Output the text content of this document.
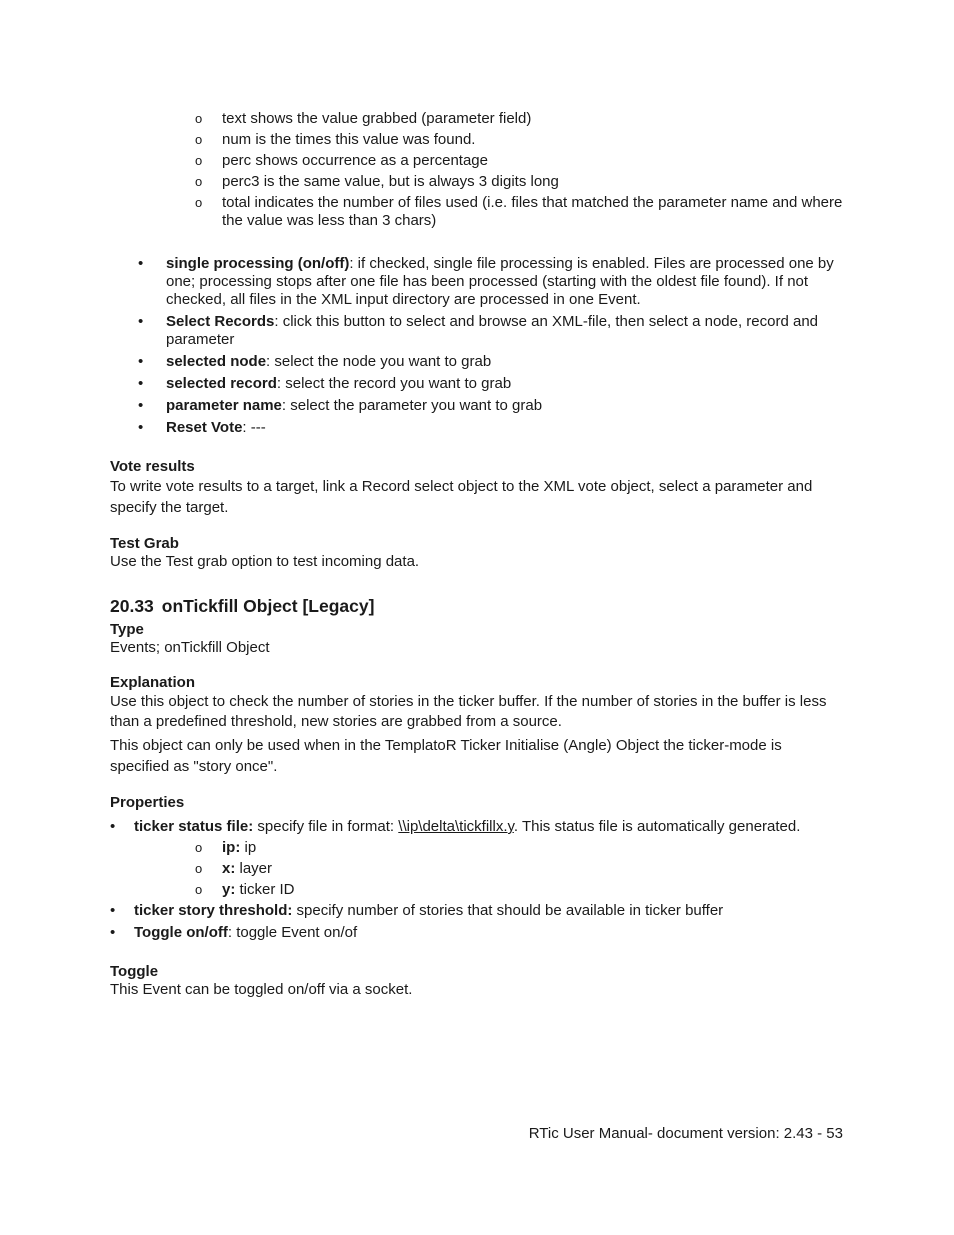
o text shows the value grabbed (parameter field)
o num is the times this value was found.
o perc shows occurrence as a percentage
o perc3 is the same value, but is always 3 digits long
o total indicates the number of files used (i.e. files that matched the parameter name and where the value was less than 3 chars)
• single processing (on/off): if checked, single file processing is enabled. Files are processed one by one; processing stops after one file has been processed (starting with the oldest file found). If not checked, all files in the XML input directory are processed in one Event.
• Select Records: click this button to select and browse an XML-file, then select a node, record and parameter
• selected node: select the node you want to grab
• selected record: select the record you want to grab
• parameter name: select the parameter you want to grab
• Reset Vote: ---

Vote results

To write vote results to a target, link a Record select object to the XML vote object, select a parameter and specify the target.

Test Grab

Use the Test grab option to test incoming data.

20.33 onTickfill Object [Legacy]

Type

Events; onTickfill Object

Explanation

Use this object to check the number of stories in the ticker buffer. If the number of stories in the buffer is less than a predefined threshold, new stories are grabbed from a source.

This object can only be used when in the TemplatoR Ticker Initialise (Angle) Object the ticker-mode is specified as "story once".

Properties

• ticker status file: specify file in format: \\ip\delta\tickfillx.y. This status file is automatically generated.
o ip: ip
o x: layer
o y: ticker ID
• ticker story threshold: specify number of stories that should be available in ticker buffer
• Toggle on/off: toggle Event on/of

Toggle

This Event can be toggled on/off via a socket.

RTic User Manual- document version: 2.43 - 53
